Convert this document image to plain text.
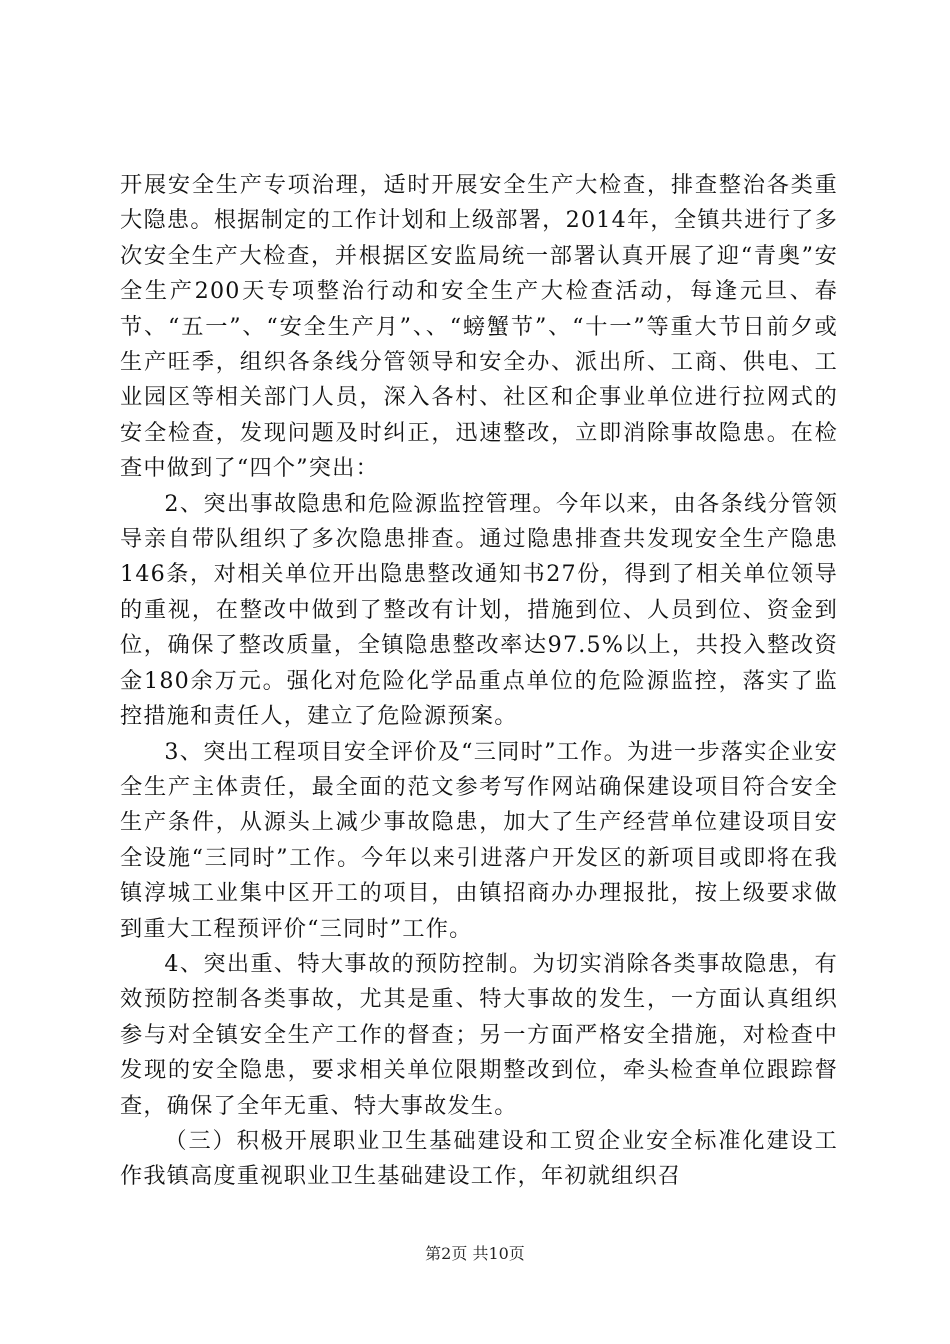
开展安全生产专项治理，适时开展安全生产大检查，排查整治各类重大隐患。根据制定的工作计划和上级部署，2014年，全镇共进行了多次安全生产大检查，并根据区安监局统一部署认真开展了迎“青奥”安全生产200天专项整治行动和安全生产大检查活动，每逢元旦、春节、“五一”、“安全生产月”、、“螃蟹节”、“十一”等重大节日前夕或生产旺季，组织各条线分管领导和安全办、派出所、工商、供电、工业园区等相关部门人员，深入各村、社区和企事业单位进行拉网式的安全检查，发现问题及时纠正，迅速整改，立即消除事故隐患。在检查中做到了“四个”突出：

2、突出事故隐患和危险源监控管理。今年以来，由各条线分管领导亲自带队组织了多次隐患排查。通过隐患排查共发现安全生产隐患146条，对相关单位开出隐患整改通知书27份，得到了相关单位领导的重视，在整改中做到了整改有计划，措施到位、人员到位、资金到位，确保了整改质量，全镇隐患整改率达97.5%以上，共投入整改资金180余万元。强化对危险化学品重点单位的危险源监控，落实了监控措施和责任人，建立了危险源预案。

3、突出工程项目安全评价及“三同时”工作。为进一步落实企业安全生产主体责任，最全面的范文参考写作网站确保建设项目符合安全生产条件，从源头上减少事故隐患，加大了生产经营单位建设项目安全设施“三同时”工作。今年以来引进落户开发区的新项目或即将在我镇淳城工业集中区开工的项目，由镇招商办办理报批，按上级要求做到重大工程预评价“三同时”工作。

4、突出重、特大事故的预防控制。为切实消除各类事故隐患，有效预防控制各类事故，尤其是重、特大事故的发生，一方面认真组织参与对全镇安全生产工作的督查；另一方面严格安全措施，对检查中发现的安全隐患，要求相关单位限期整改到位，牵头检查单位跟踪督查，确保了全年无重、特大事故发生。

（三）积极开展职业卫生基础建设和工贸企业安全标准化建设工作我镇高度重视职业卫生基础建设工作，年初就组织召

第2页 共10页
